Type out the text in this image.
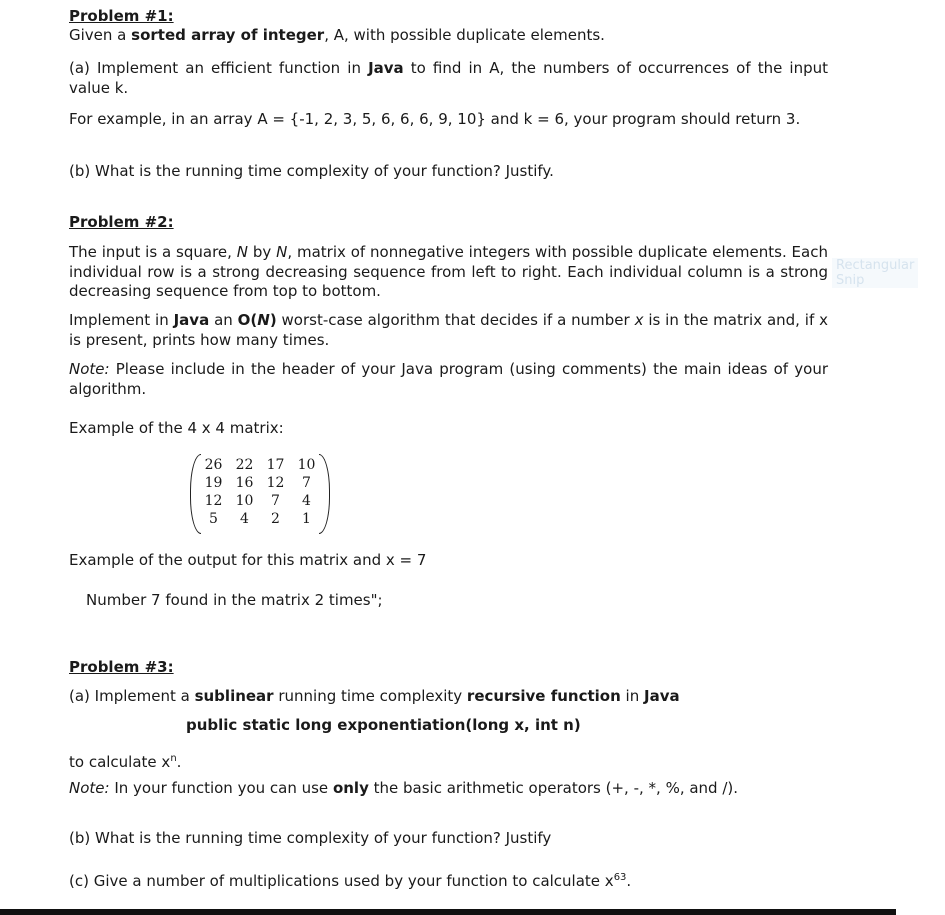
Problem #1:
Given a sorted array of integer, A, with possible duplicate elements.
(a) Implement an efficient function in Java to find in A, the numbers of occurrences of the input value k.
For example, in an array A = {-1, 2, 3, 5, 6, 6, 6, 9, 10} and k = 6, your program should return 3.
(b) What is the running time complexity of your function? Justify.
Problem #2:
The input is a square, N by N, matrix of nonnegative integers with possible duplicate elements. Each individual row is a strong decreasing sequence from left to right. Each individual column is a strong decreasing sequence from top to bottom.
Implement in Java an O(N) worst-case algorithm that decides if a number x is in the matrix and, if x is present, prints how many times.
Note: Please include in the header of your Java program (using comments) the main ideas of your algorithm.
Example of the 4 x 4 matrix:
26	22	17	10
19	16	12	7
12	10	7	4
5	4	2	1
Example of the output for this matrix and x = 7
Number 7 found in the matrix 2 times";
Problem #3:
(a) Implement a sublinear running time complexity recursive function in Java
public static long exponentiation(long x, int n)
to calculate $x^n$.
Note: In your function you can use only the basic arithmetic operators (+, -, *, %, and /).
(b) What is the running time complexity of your function? Justify
(c) Give a number of multiplications used by your function to calculate $x^{63}$.
Rectangular Snip
